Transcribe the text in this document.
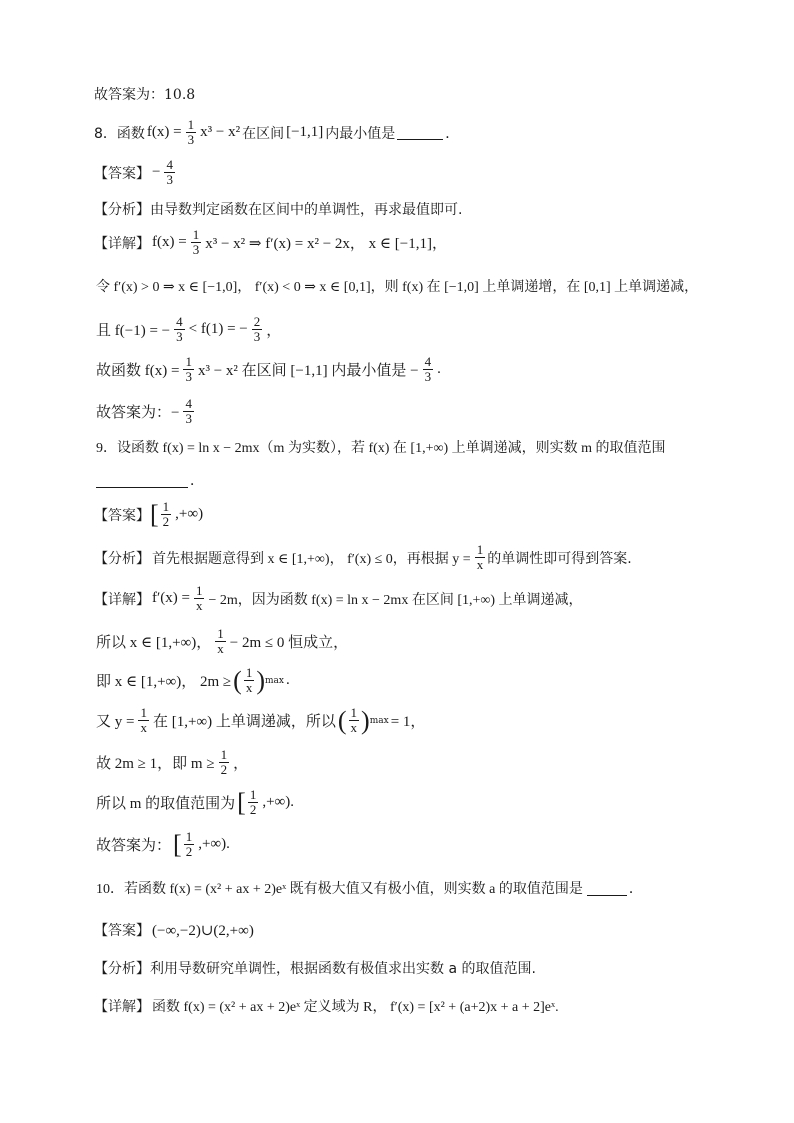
故答案为：10.8
8．函数 $f(x) = \frac{1}{3} x^3 - x^2$ 在区间 [−1,1] 内最小值是	．
【答案】 − $\frac{4}{3}$
【分析】 由导数判定函数在区间中的单调性，再求最值即可.
【详解】 $f(x) = \frac{1}{3} x^3 - x^2$ ⇒ f′(x) = x² − 2x， x ∈ [−1,1]，
令 f′(x) > 0 ⇒ x ∈ [−1,0]， f′(x) < 0 ⇒ x ∈ [0,1]，则 f(x) 在 [−1,0] 上单调递增，在 [0,1] 上单调递减，
且 f(−1) = − $\frac{4}{3} < f(1)$ = − $\frac{2}{3}$ ，
故函数 $f(x) = \frac{1}{3} x^3 - x^2$ 在区间 [−1,1] 内最小值是 − $\frac{4}{3}$ .
故答案为：− $\frac{4}{3}$
9．设函数 f(x) = ln x − 2mx（m 为实数），若 f(x) 在 [1,+∞) 上单调递减，则实数 m 的取值范围
．
【答案】 [ $\frac{1}{2}$ ,+∞)
【分析】 首先根据题意得到 x ∈ [1,+∞)， f′(x) ≤ 0，再根据 $y = \frac{1}{x}$ 的单调性即可得到答案.
【详解】 $f'(x) = \frac{1}{x} - 2m$，因为函数 f(x) = ln x − 2mx 在区间 [1,+∞) 上单调递减，
所以 x ∈ [1,+∞)， $\frac{1}{x} - 2m \le 0$ 恒成立，
即 x ∈ [1,+∞)， 2m ≥ ( $\frac{1}{x}$ ) max .
又 $y = \frac{1}{x}$ 在 [1,+∞) 上单调递减，所以 ( $\frac{1}{x}$ ) max = 1，
故 2m ≥ 1，即 $m \ge \frac{1}{2}$ ，
所以 m 的取值范围为 [ $\frac{1}{2}$ ,+∞).
故答案为： [ $\frac{1}{2}$ ,+∞).
10．若函数 f(x) = (x² + ax + 2)eˣ 既有极大值又有极小值，则实数 a 的取值范围是	．
【答案】 (−∞,−2)∪(2,+∞)
【分析】 利用导数研究单调性，根据函数有极值求出实数 a 的取值范围.
【详解】 函数 f(x) = (x² + ax + 2)eˣ 定义域为 R， f′(x) = [x² + (a+2)x + a + 2]eˣ.
